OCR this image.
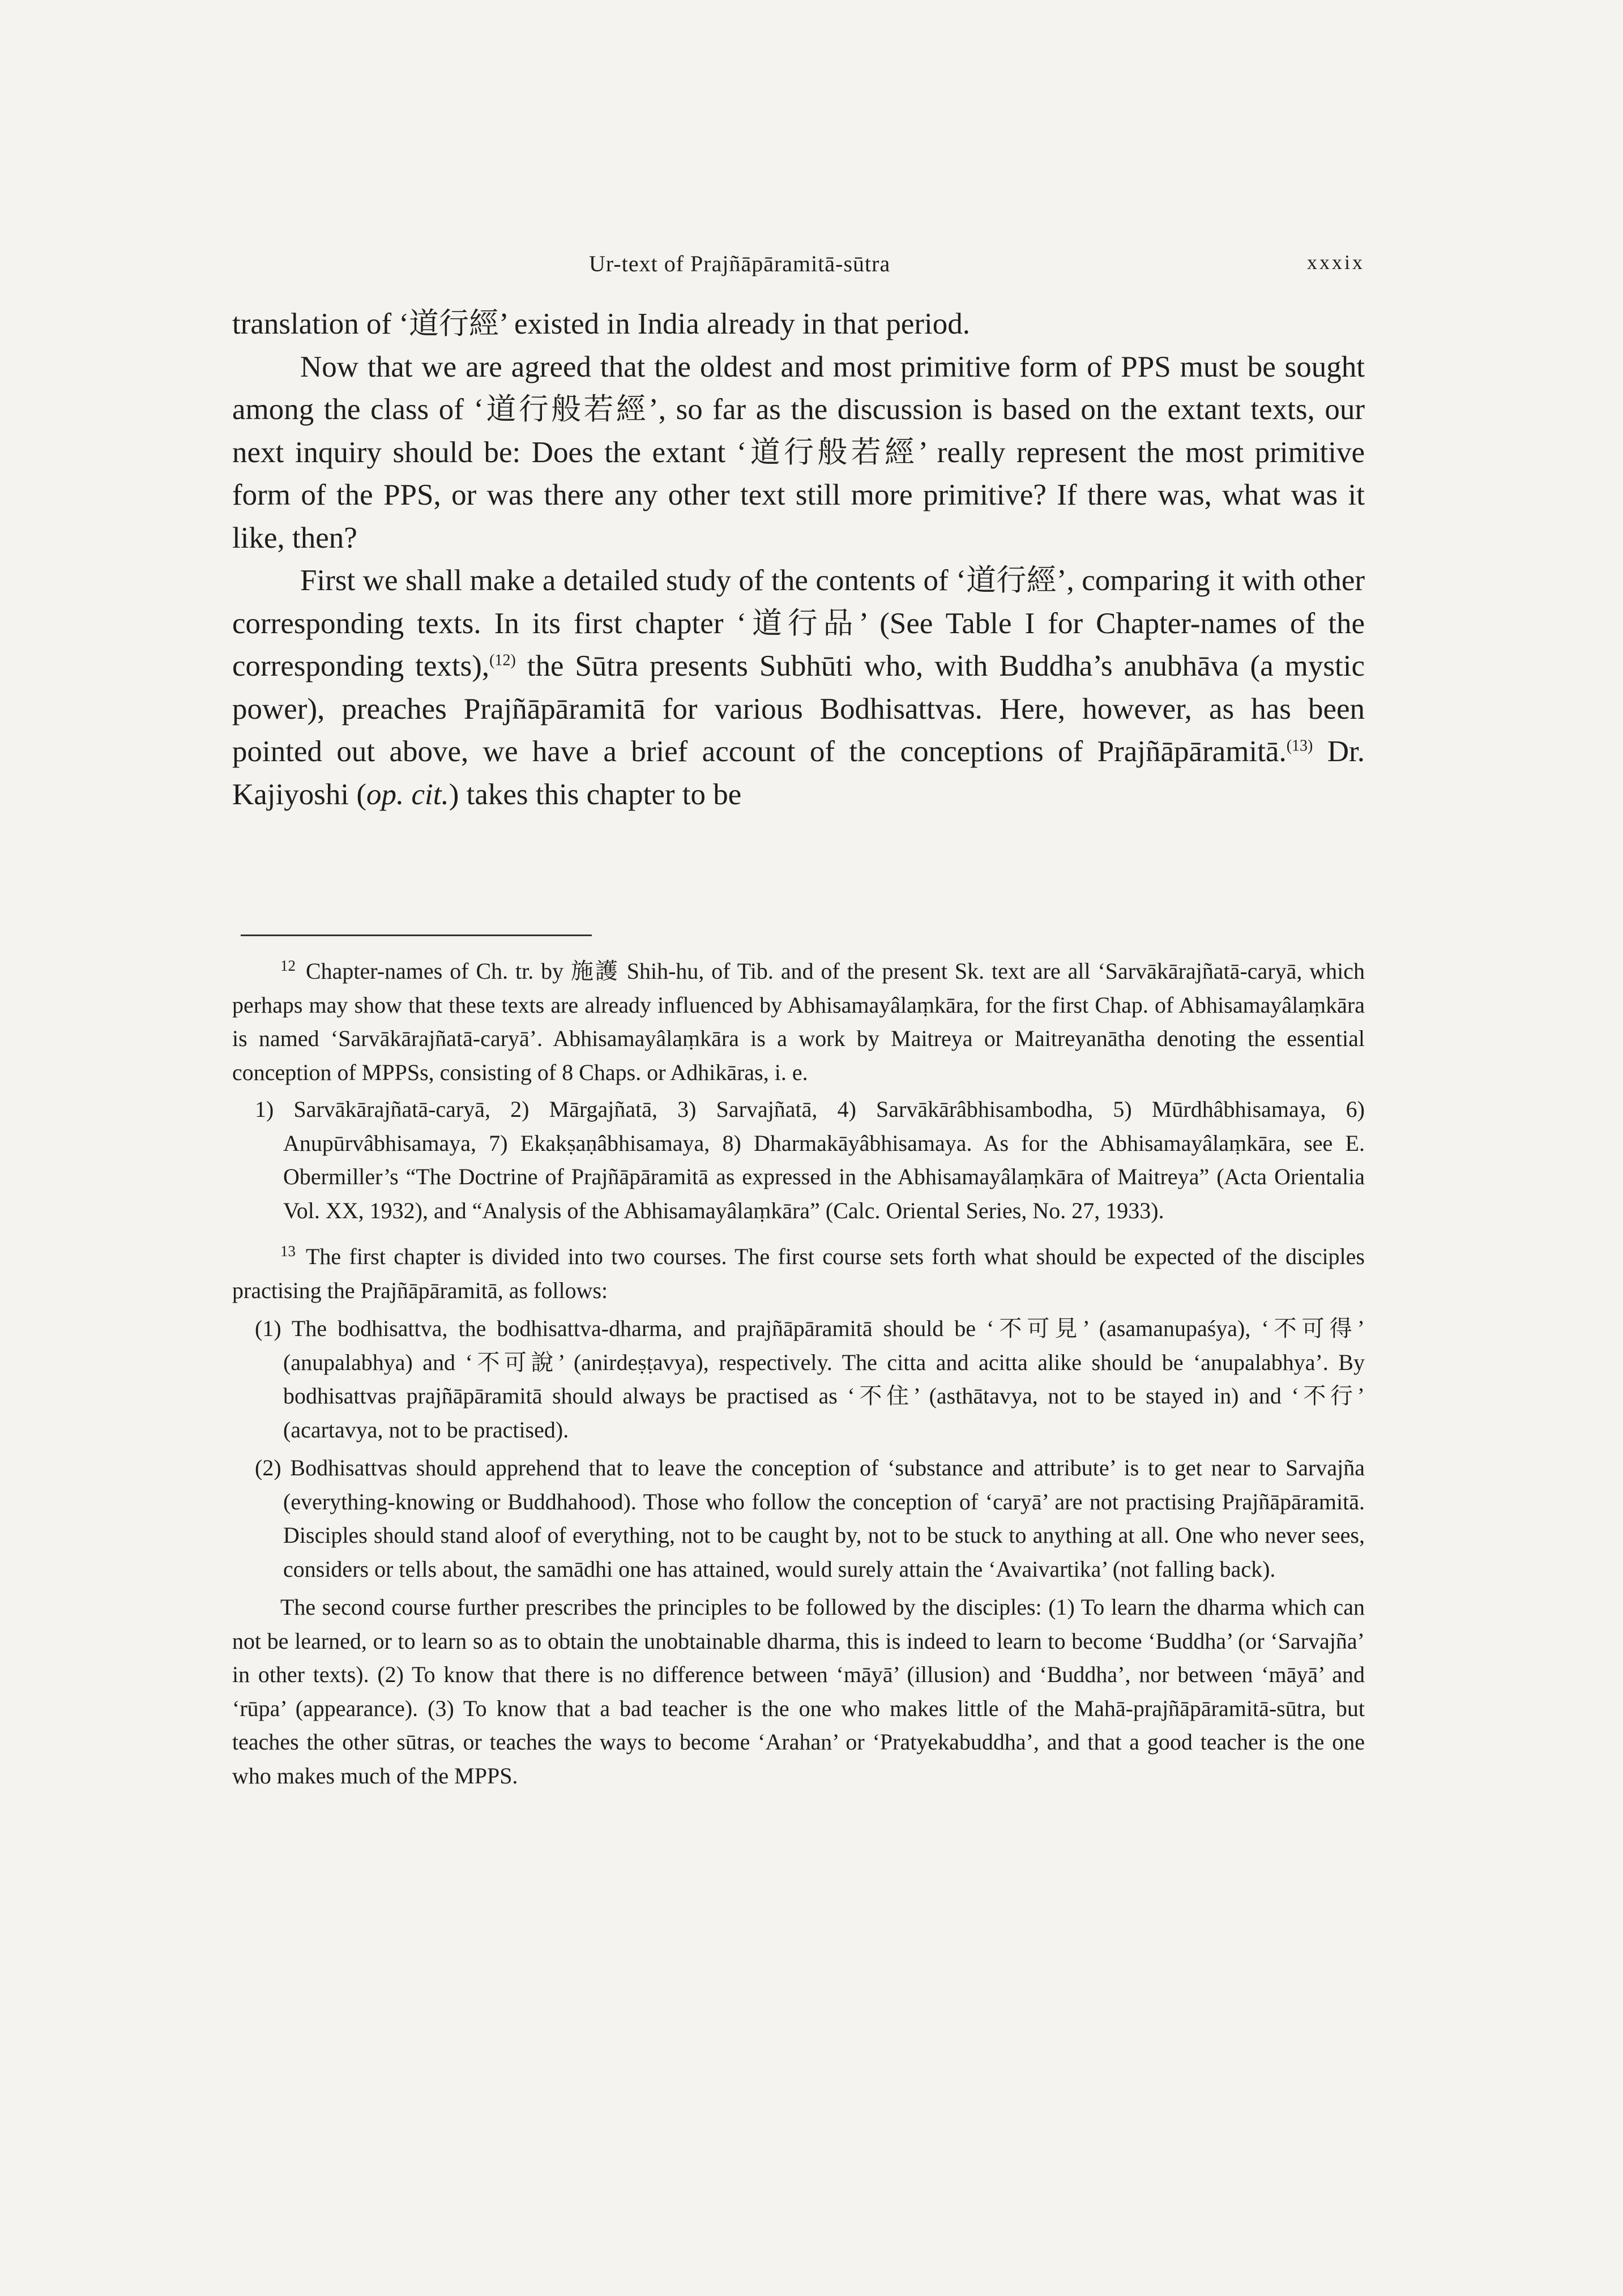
Ur-text of Prajñāpāramitā-sūtra	xxxix

translation of ‘道行經’ existed in India already in that period.

Now that we are agreed that the oldest and most primitive form of PPS must be sought among the class of ‘道行般若經’, so far as the discussion is based on the extant texts, our next inquiry should be: Does the extant ‘道行般若經’ really represent the most primitive form of the PPS, or was there any other text still more primitive? If there was, what was it like, then?

First we shall make a detailed study of the contents of ‘道行經’, comparing it with other corresponding texts. In its first chapter ‘道行品’ (See Table I for Chapter-names of the corresponding texts),$^{(12)}$ the Sūtra presents Subhūti who, with Buddha’s anubhāva (a mystic power), preaches Prajñāpāramitā for various Bodhisattvas. Here, however, as has been pointed out above, we have a brief account of the conceptions of Prajñāpāramitā.$^{(13)}$ Dr. Kajiyoshi (op. cit.) takes this chapter to be

$^{12}$ Chapter-names of Ch. tr. by 施護 Shih-hu, of Tib. and of the present Sk. text are all ‘Sarvākārajñatā-caryā, which perhaps may show that these texts are already influenced by Abhisamayâlaṃkāra, for the first Chap. of Abhisamayâlaṃkāra is named ‘Sarvākārajñatā-caryā’. Abhisamayâlaṃkāra is a work by Maitreya or Maitreyanātha denoting the essential conception of MPPSs, consisting of 8 Chaps. or Adhikāras, i. e.

1) Sarvākārajñatā-caryā, 2) Mārgajñatā, 3) Sarvajñatā, 4) Sarvākārâbhisambodha, 5) Mūrdhâbhisamaya, 6) Anupūrvâbhisamaya, 7) Ekakṣaṇâbhisamaya, 8) Dharmakāyâbhisamaya. As for the Abhisamayâlaṃkāra, see E. Obermiller’s “The Doctrine of Prajñāpāramitā as expressed in the Abhisamayâlaṃkāra of Maitreya” (Acta Orientalia Vol. XX, 1932), and “Analysis of the Abhisamayâlaṃkāra” (Calc. Oriental Series, No. 27, 1933).

$^{13}$ The first chapter is divided into two courses. The first course sets forth what should be expected of the disciples practising the Prajñāpāramitā, as follows:

(1) The bodhisattva, the bodhisattva-dharma, and prajñāpāramitā should be ‘不可見’ (asamanupaśya), ‘不可得’ (anupalabhya) and ‘不可說’ (anirdeṣṭavya), respectively. The citta and acitta alike should be ‘anupalabhya’. By bodhisattvas prajñāpāramitā should always be practised as ‘不住’ (asthātavya, not to be stayed in) and ‘不行’ (acartavya, not to be practised).

(2) Bodhisattvas should apprehend that to leave the conception of ‘substance and attribute’ is to get near to Sarvajña (everything-knowing or Buddhahood). Those who follow the conception of ‘caryā’ are not practising Prajñāpāramitā. Disciples should stand aloof of everything, not to be caught by, not to be stuck to anything at all. One who never sees, considers or tells about, the samādhi one has attained, would surely attain the ‘Avaivartika’ (not falling back).

The second course further prescribes the principles to be followed by the disciples: (1) To learn the dharma which can not be learned, or to learn so as to obtain the unobtainable dharma, this is indeed to learn to become ‘Buddha’ (or ‘Sarvajña’ in other texts). (2) To know that there is no difference between ‘māyā’ (illusion) and ‘Buddha’, nor between ‘māyā’ and ‘rūpa’ (appearance). (3) To know that a bad teacher is the one who makes little of the Mahā-prajñāpāramitā-sūtra, but teaches the other sūtras, or teaches the ways to become ‘Arahan’ or ‘Pratyekabuddha’, and that a good teacher is the one who makes much of the MPPS.
